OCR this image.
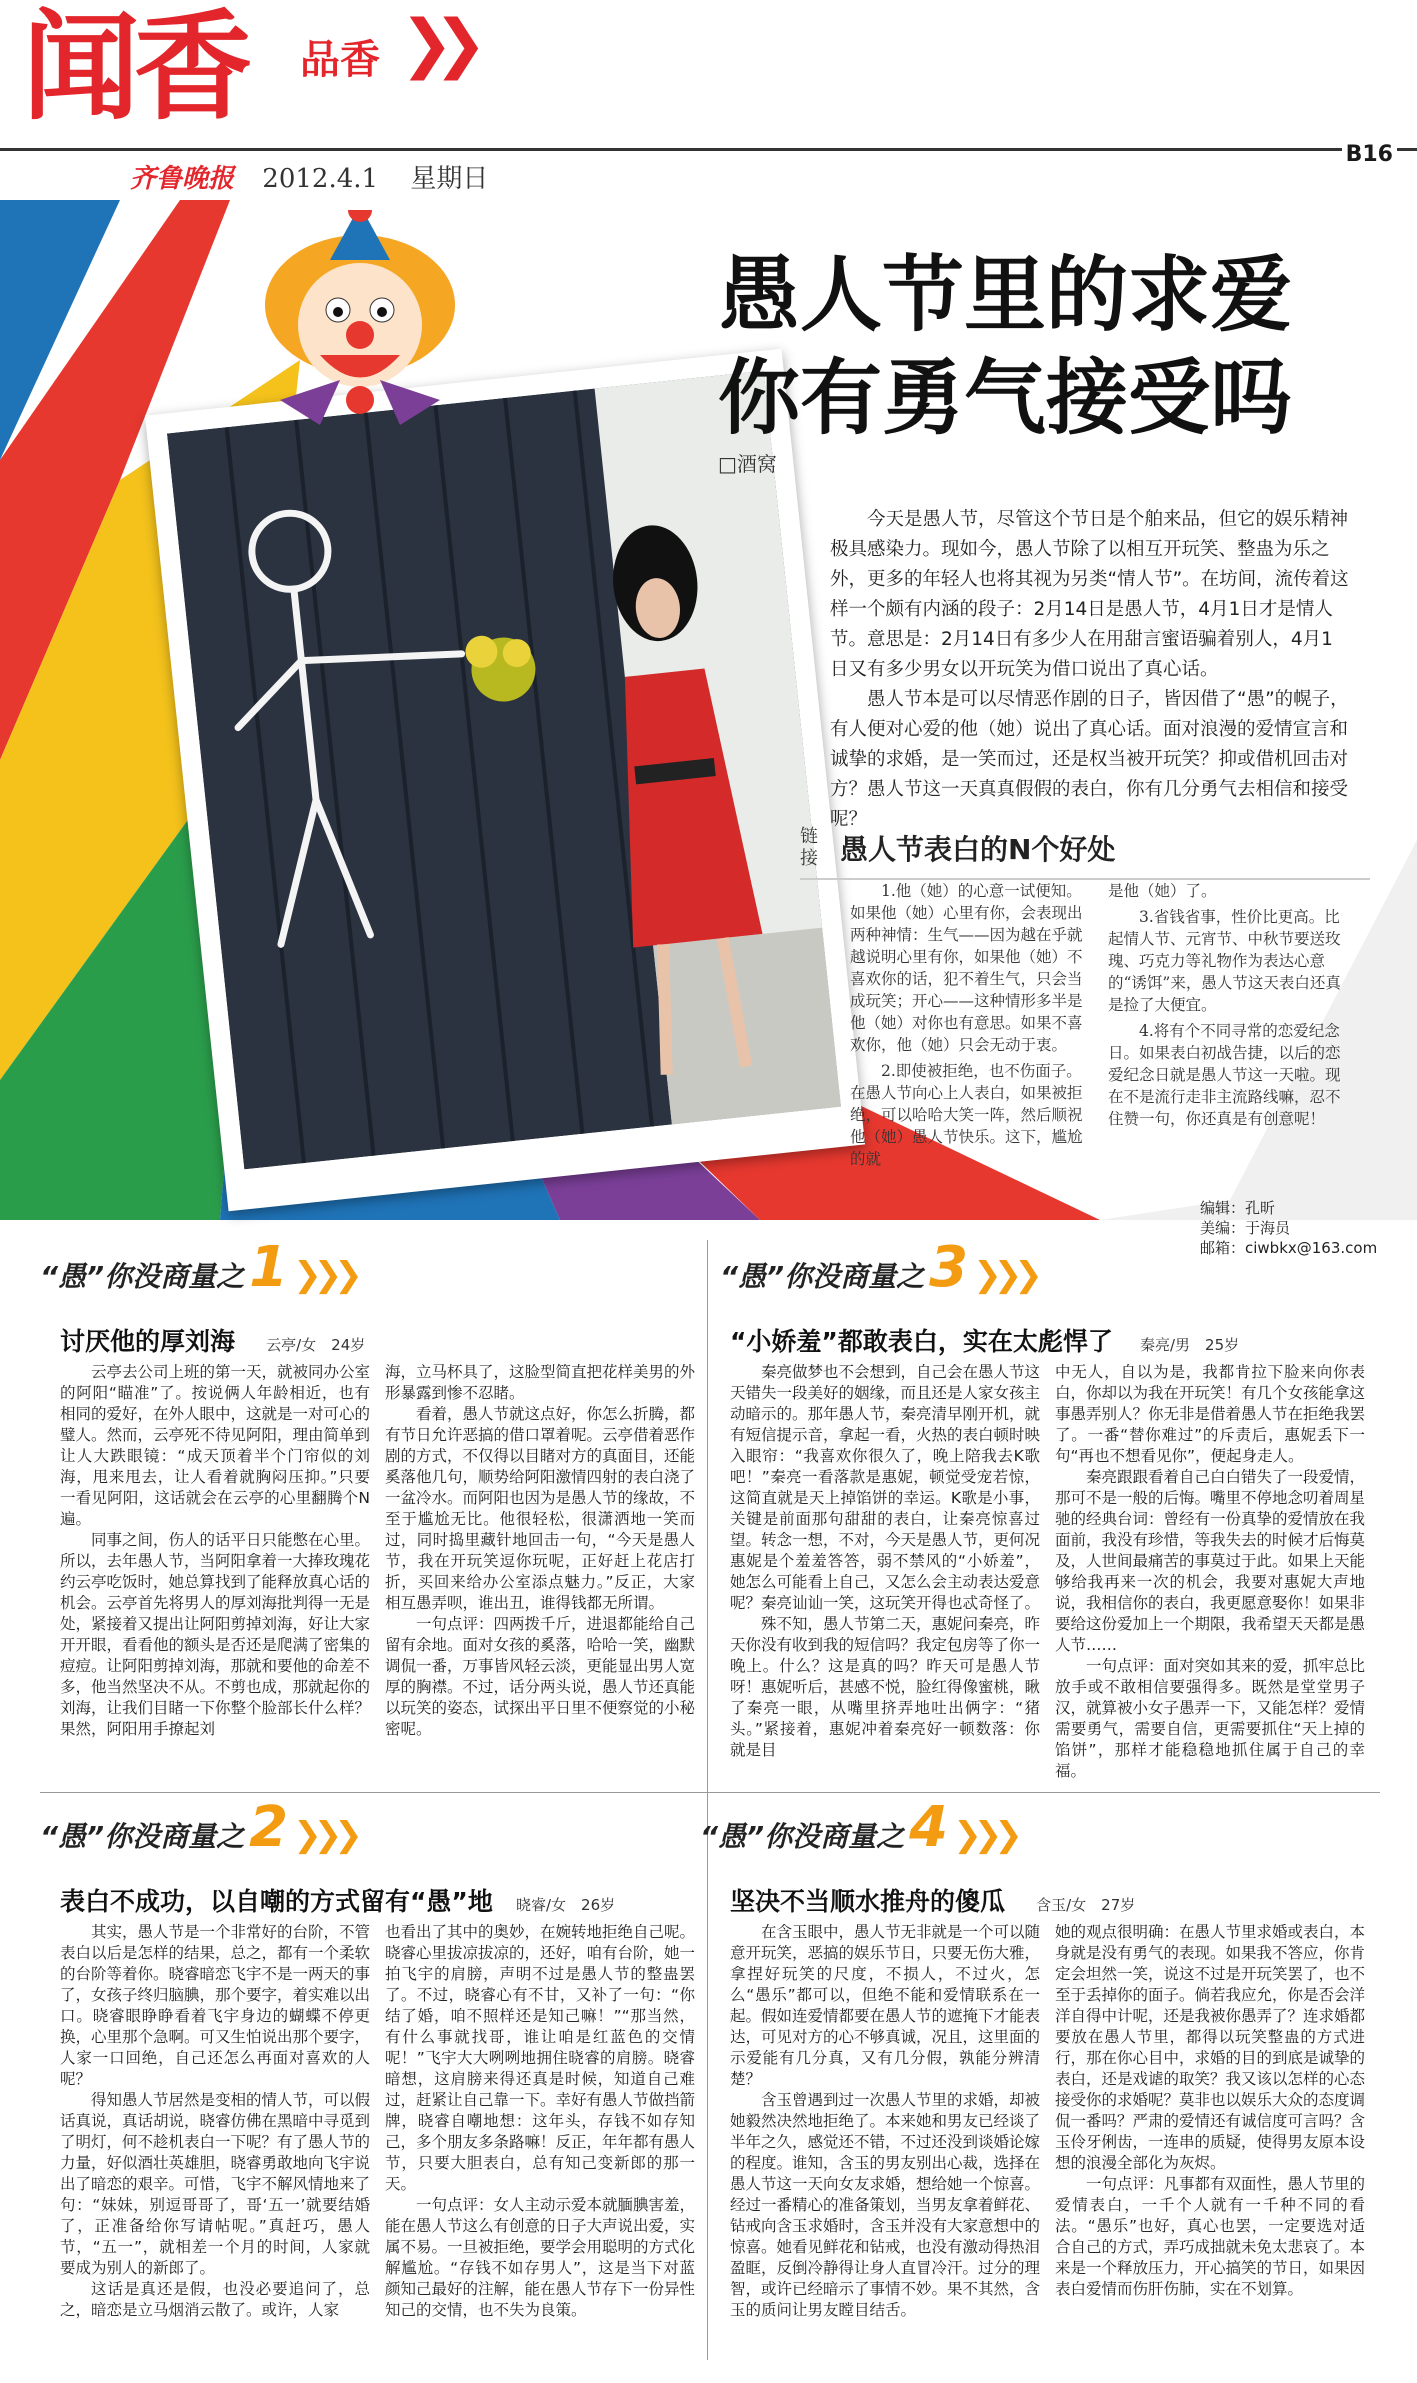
闻香 品香 ❯❯
齐鲁晚报 2012.4.1 星期日
B16
愚人节里的求爱
你有勇气接受吗
□酒窝

今天是愚人节，尽管这个节日是个舶来品，但它的娱乐精神极具感染力。现如今，愚人节除了以相互开玩笑、整蛊为乐之外，更多的年轻人也将其视为另类“情人节”。在坊间，流传着这样一个颇有内涵的段子：2月14日是愚人节，4月1日才是情人节。意思是：2月14日有多少人在用甜言蜜语骗着别人，4月1日又有多少男女以开玩笑为借口说出了真心话。

愚人节本是可以尽情恶作剧的日子，皆因借了“愚”的幌子，有人便对心爱的他（她）说出了真心话。面对浪漫的爱情宣言和诚挚的求婚，是一笑而过，还是权当被开玩笑？抑或借机回击对方？愚人节这一天真真假假的表白，你有几分勇气去相信和接受呢？

链接 愚人节表白的N个好处

1.他（她）的心意一试便知。如果他（她）心里有你，会表现出两种神情：生气——因为越在乎就越说明心里有你，如果他（她）不喜欢你的话，犯不着生气，只会当成玩笑；开心——这种情形多半是他（她）对你也有意思。如果不喜欢你，他（她）只会无动于衷。

2.即使被拒绝，也不伤面子。在愚人节向心上人表白，如果被拒绝，可以哈哈大笑一阵，然后顺祝他（她）愚人节快乐。这下，尴尬的就

是他（她）了。

3.省钱省事，性价比更高。比起情人节、元宵节、中秋节要送玫瑰、巧克力等礼物作为表达心意的“诱饵”来，愚人节这天表白还真是捡了大便宜。

4.将有个不同寻常的恋爱纪念日。如果表白初战告捷，以后的恋爱纪念日就是愚人节这一天啦。现在不是流行走非主流路线嘛，忍不住赞一句，你还真是有创意呢！

编辑：孔昕
美编：于海员
邮箱：ciwbkx@163.com
“愚”你没商量之 1 ❯❯❯
讨厌他的厚刘海 云亭/女　24岁

云亭去公司上班的第一天，就被同办公室的阿阳“瞄准”了。按说俩人年龄相近，也有相同的爱好，在外人眼中，这就是一对可心的璧人。然而，云亭死不待见阿阳，理由简单到让人大跌眼镜：“成天顶着半个门帘似的刘海，甩来甩去，让人看着就胸闷压抑。”只要一看见阿阳，这话就会在云亭的心里翻腾个N遍。

同事之间，伤人的话平日只能憋在心里。所以，去年愚人节，当阿阳拿着一大捧玫瑰花约云亭吃饭时，她总算找到了能释放真心话的机会。云亭首先将男人的厚刘海批判得一无是处，紧接着又提出让阿阳剪掉刘海，好让大家开开眼，看看他的额头是否还是爬满了密集的痘痘。让阿阳剪掉刘海，那就和要他的命差不多，他当然坚决不从。不剪也成，那就起你的刘海，让我们目睹一下你整个脸部长什么样？果然，阿阳用手撩起刘

海，立马杯具了，这脸型简直把花样美男的外形暴露到惨不忍睹。

看着，愚人节就这点好，你怎么折腾，都有节日允许恶搞的借口罩着呢。云亭借着恶作剧的方式，不仅得以目睹对方的真面目，还能奚落他几句，顺势给阿阳激情四射的表白浇了一盆冷水。而阿阳也因为是愚人节的缘故，不至于尴尬无比。他很轻松，很潇洒地一笑而过，同时捣里藏针地回击一句，“今天是愚人节，我在开玩笑逗你玩呢，正好赶上花店打折，买回来给办公室添点魅力。”反正，大家相互愚弄呗，谁出丑，谁得钱都无所谓。

一句点评：四两拨千斤，进退都能给自己留有余地。面对女孩的奚落，哈哈一笑，幽默调侃一番，万事皆风轻云淡，更能显出男人宽厚的胸襟。不过，话分两头说，愚人节还真能以玩笑的姿态，试探出平日里不便察觉的小秘密呢。

“愚”你没商量之 3 ❯❯❯
“小娇羞”都敢表白，实在太彪悍了 秦亮/男　25岁

秦亮做梦也不会想到，自己会在愚人节这天错失一段美好的姻缘，而且还是人家女孩主动暗示的。那年愚人节，秦亮清早刚开机，就有短信提示音，拿起一看，火热的表白顿时映入眼帘：“我喜欢你很久了，晚上陪我去K歌吧！”秦亮一看落款是惠妮，顿觉受宠若惊，这简直就是天上掉馅饼的幸运。K歌是小事，关键是前面那句甜甜的表白，让秦亮惊喜过望。转念一想，不对，今天是愚人节，更何况惠妮是个羞羞答答，弱不禁风的“小娇羞”，她怎么可能看上自己，又怎么会主动表达爱意呢？秦亮讪讪一笑，这玩笑开得也忒奇怪了。

殊不知，愚人节第二天，惠妮问秦亮，昨天你没有收到我的短信吗？我定包房等了你一晚上。什么？这是真的吗？昨天可是愚人节呀！惠妮听后，甚感不悦，脸红得像蜜桃，瞅了秦亮一眼，从嘴里挤弄地吐出俩字：“猪头。”紧接着，惠妮冲着秦亮好一顿数落：你就是目

中无人，自以为是，我都肯拉下脸来向你表白，你却以为我在开玩笑！有几个女孩能拿这事愚弄别人？你无非是借着愚人节在拒绝我罢了。一番“替你难过”的斥责后，惠妮丢下一句“再也不想看见你”，便起身走人。

秦亮跟跟看着自己白白错失了一段爱情，那可不是一般的后悔。嘴里不停地念叨着周星驰的经典台词：曾经有一份真挚的爱情放在我面前，我没有珍惜，等我失去的时候才后悔莫及，人世间最痛苦的事莫过于此。如果上天能够给我再来一次的机会，我要对惠妮大声地说，我相信你的表白，我更愿意娶你！如果非要给这份爱加上一个期限，我希望天天都是愚人节……

一句点评：面对突如其来的爱，抓牢总比放手或不敢相信要强得多。既然是堂堂男子汉，就算被小女子愚弄一下，又能怎样？爱情需要勇气，需要自信，更需要抓住“天上掉的馅饼”，那样才能稳稳地抓住属于自己的幸福。

“愚”你没商量之 2 ❯❯❯
表白不成功，以自嘲的方式留有“愚”地 晓睿/女　26岁

其实，愚人节是一个非常好的台阶，不管表白以后是怎样的结果，总之，都有一个柔软的台阶等着你。晓睿暗恋飞宇不是一两天的事了，女孩子终归脑腆，那个要字，着实难以出口。晓睿眼睁睁看着飞宇身边的蝴蝶不停更换，心里那个急啊。可又生怕说出那个要字，人家一口回绝，自己还怎么再面对喜欢的人呢？

得知愚人节居然是变相的情人节，可以假话真说，真话胡说，晓睿仿佛在黑暗中寻觅到了明灯，何不趁机表白一下呢？有了愚人节的力量，好似酒壮英雄胆，晓睿勇敢地向飞宇说出了暗恋的艰辛。可惜，飞宇不解风情地来了句：“妹妹，别逗哥哥了，哥‘五一’就要结婚了，正准备给你写请帖呢。”真赶巧，愚人节，“五一”，就相差一个月的时间，人家就要成为别人的新郎了。

这话是真还是假，也没必要追问了，总之，暗恋是立马烟消云散了。或许，人家

也看出了其中的奥妙，在婉转地拒绝自己呢。晓睿心里拔凉拔凉的，还好，咱有台阶，她一拍飞宇的肩膀，声明不过是愚人节的整蛊罢了。不过，晓睿心有不甘，又补了一句：“你结了婚，咱不照样还是知己嘛！”“那当然，有什么事就找哥，谁让咱是红蓝色的交情呢！”飞宇大大咧咧地拥住晓睿的肩膀。晓睿暗想，这肩膀来得还真是时候，知道自己难过，赶紧让自己靠一下。幸好有愚人节做挡箭牌，晓睿自嘲地想：这年头，存钱不如存知己，多个朋友多条路嘛！反正，年年都有愚人节，只要大胆表白，总有知己变新郎的那一天。

一句点评：女人主动示爱本就腼腆害羞，能在愚人节这么有创意的日子大声说出爱，实属不易。一旦被拒绝，要学会用聪明的方式化解尴尬。“存钱不如存男人”，这是当下对蓝颜知己最好的注解，能在愚人节存下一份异性知己的交情，也不失为良策。

“愚”你没商量之 4 ❯❯❯
坚决不当顺水推舟的傻瓜 含玉/女　27岁

在含玉眼中，愚人节无非就是一个可以随意开玩笑，恶搞的娱乐节日，只要无伤大雅，拿捏好玩笑的尺度，不损人，不过火，怎么“愚乐”都可以，但绝不能和爱情联系在一起。假如连爱情都要在愚人节的遮掩下才能表达，可见对方的心不够真诚，况且，这里面的示爱能有几分真，又有几分假，孰能分辨清楚？

含玉曾遇到过一次愚人节里的求婚，却被她毅然决然地拒绝了。本来她和男友已经谈了半年之久，感觉还不错，不过还没到谈婚论嫁的程度。谁知，含玉的男友别出心裁，选择在愚人节这一天向女友求婚，想给她一个惊喜。经过一番精心的准备策划，当男友拿着鲜花、钻戒向含玉求婚时，含玉并没有大家意想中的惊喜。她看见鲜花和钻戒，也没有激动得热泪盈眶，反倒冷静得让身人直冒冷汗。过分的理智，或许已经暗示了事情不妙。果不其然，含玉的质问让男友瞠目结舌。

她的观点很明确：在愚人节里求婚或表白，本身就是没有勇气的表现。如果我不答应，你肯定会坦然一笑，说这不过是开玩笑罢了，也不至于丢掉你的面子。倘若我应允，你是否会洋洋自得中计呢，还是我被你愚弄了？连求婚都要放在愚人节里，都得以玩笑整蛊的方式进行，那在你心目中，求婚的目的到底是诚挚的表白，还是戏谑的取笑？我又该以怎样的心态接受你的求婚呢？莫非也以娱乐大众的态度调侃一番吗？严肃的爱情还有诚信度可言吗？含玉伶牙俐齿，一连串的质疑，使得男友原本设想的浪漫全部化为灰烬。

一句点评：凡事都有双面性，愚人节里的爱情表白，一千个人就有一千种不同的看法。“愚乐”也好，真心也罢，一定要选对适合自己的方式，弄巧成拙就未免太悲哀了。本来是一个释放压力，开心搞笑的节日，如果因表白爱情而伤肝伤肺，实在不划算。
